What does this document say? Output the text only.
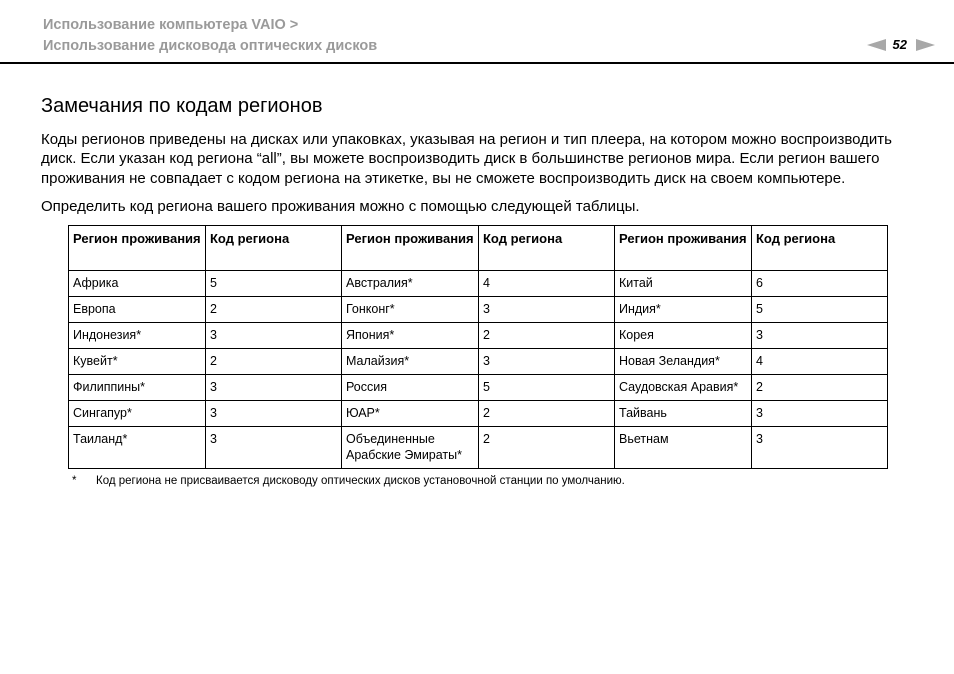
Использование компьютера VAIO >
Использование дисковода оптических дисков	52
Замечания по кодам регионов

Коды регионов приведены на дисках или упаковках, указывая на регион и тип плеера, на котором можно воспроизводить диск. Если указан код региона “all”, вы можете воспроизводить диск в большинстве регионов мира. Если регион вашего проживания не совпадает с кодом региона на этикетке, вы не сможете воспроизводить диск на своем компьютере.

Определить код региона вашего проживания можно с помощью следующей таблицы.

Регион проживания	Код региона	Регион проживания	Код региона	Регион проживания	Код региона
Африка	5	Австралия*	4	Китай	6
Европа	2	Гонконг*	3	Индия*	5
Индонезия*	3	Япония*	2	Корея	3
Кувейт*	2	Малайзия*	3	Новая Зеландия*	4
Филиппины*	3	Россия	5	Саудовская Аравия*	2
Сингапур*	3	ЮАР*	2	Тайвань	3
Таиланд*	3	Объединенные Арабские Эмираты*	2	Вьетнам	3
*	Код региона не присваивается дисководу оптических дисков установочной станции по умолчанию.
